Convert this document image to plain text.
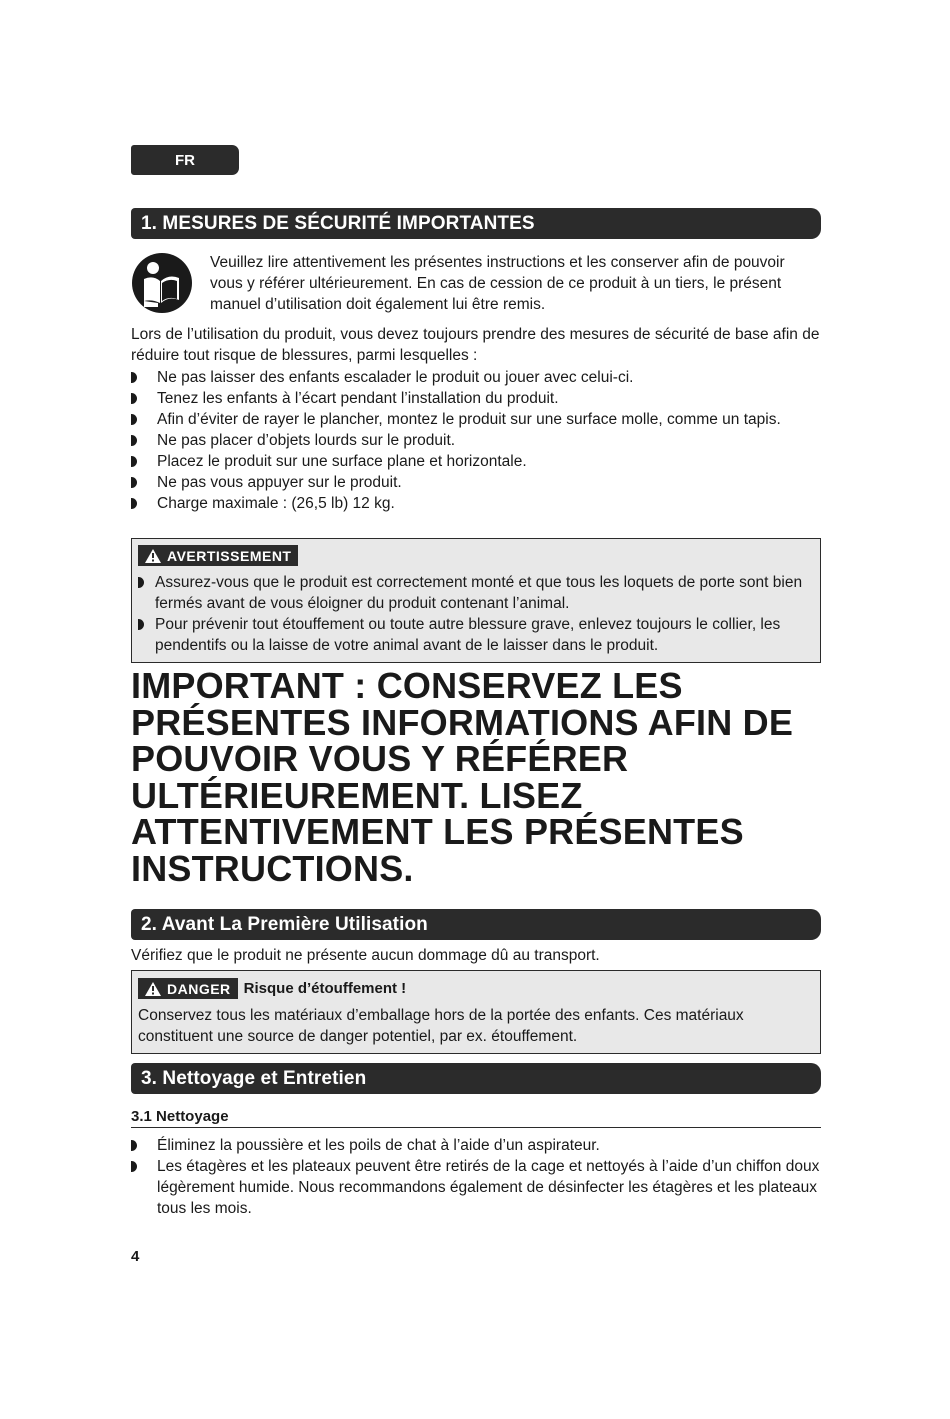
FR
1. MESURES DE SÉCURITÉ IMPORTANTES
Veuillez lire attentivement les présentes instructions et les conserver afin de pouvoir vous y référer ultérieurement. En cas de cession de ce produit à un tiers, le présent manuel d’utilisation doit également lui être remis.
Lors de l’utilisation du produit, vous devez toujours prendre des mesures de sécurité de base afin de réduire tout risque de blessures, parmi lesquelles :
Ne pas laisser des enfants escalader le produit ou jouer avec celui-ci.
Tenez les enfants à l’écart pendant l’installation du produit.
Afin d’éviter de rayer le plancher, montez le produit sur une surface molle, comme un tapis.
Ne pas placer d’objets lourds sur le produit.
Placez le produit sur une surface plane et horizontale.
Ne pas vous appuyer sur le produit.
Charge maximale : (26,5 lb) 12 kg.
AVERTISSEMENT
Assurez-vous que le produit est correctement monté et que tous les loquets de porte sont bien fermés avant de vous éloigner du produit contenant l’animal.
Pour prévenir tout étouffement ou toute autre blessure grave, enlevez toujours le collier, les pendentifs ou la laisse de votre animal avant de le laisser dans le produit.
IMPORTANT : CONSERVEZ LES PRÉSENTES INFORMATIONS AFIN DE POUVOIR VOUS Y RÉFÉRER ULTÉRIEUREMENT. LISEZ ATTENTIVEMENT LES PRÉSENTES INSTRUCTIONS.
2. Avant La Première Utilisation
Vérifiez que le produit ne présente aucun dommage dû au transport.
DANGER Risque d’étouffement !
Conservez tous les matériaux d’emballage hors de la portée des enfants. Ces matériaux constituent une source de danger potentiel, par ex. étouffement.
3. Nettoyage et Entretien
3.1 Nettoyage
Éliminez la poussière et les poils de chat à l’aide d’un aspirateur.
Les étagères et les plateaux peuvent être retirés de la cage et nettoyés à l’aide d’un chiffon doux légèrement humide. Nous recommandons également de désinfecter les étagères et les plateaux tous les mois.
4
